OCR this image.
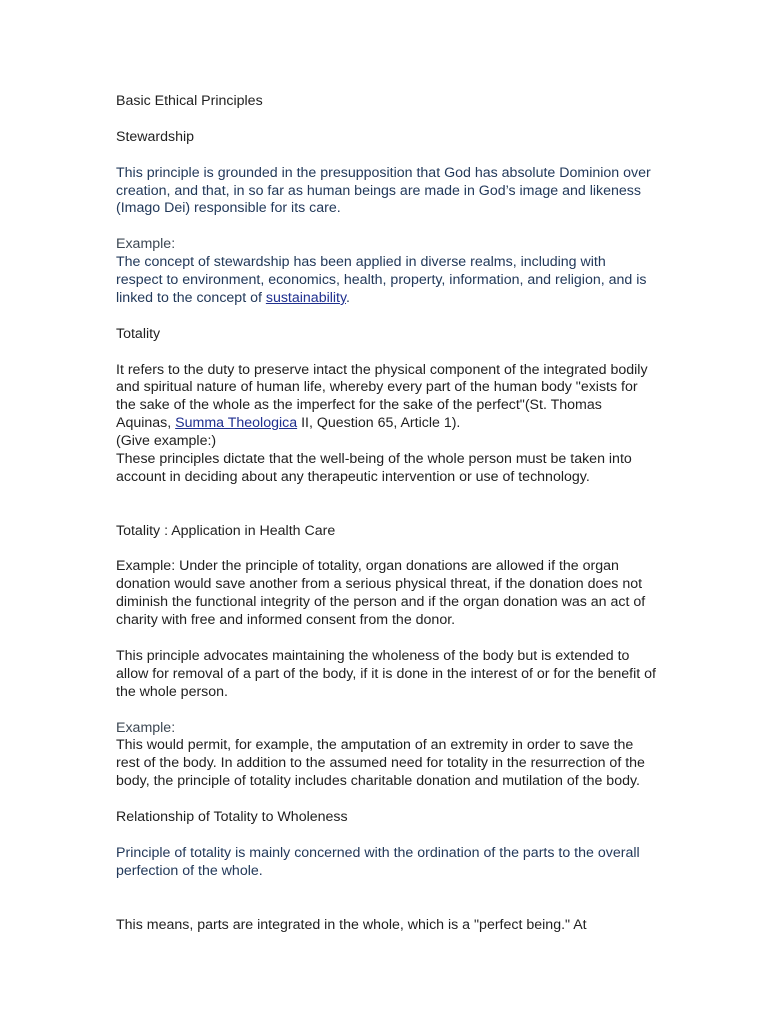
Basic Ethical Principles

Stewardship

This principle is grounded in the presupposition that God has absolute Dominion over creation, and that, in so far as human beings are made in God’s image and likeness (Imago Dei) responsible for its care.

Example:

The concept of stewardship has been applied in diverse realms, including with respect to environment, economics, health, property, information, and religion, and is linked to the concept of sustainability.

Totality

It refers to the duty to preserve intact the physical component of the integrated bodily and spiritual nature of human life, whereby every part of the human body "exists for the sake of the whole as the imperfect for the sake of the perfect"(St. Thomas Aquinas, Summa Theologica II, Question 65, Article 1).

(Give example:)

These principles dictate that the well-being of the whole person must be taken into account in deciding about any therapeutic intervention or use of technology.

Totality : Application in Health Care

Example: Under the principle of totality, organ donations are allowed if the organ donation would save another from a serious physical threat, if the donation does not diminish the functional integrity of the person and if the organ donation was an act of charity with free and informed consent from the donor.

This principle advocates maintaining the wholeness of the body but is extended to allow for removal of a part of the body, if it is done in the interest of or for the benefit of the whole person.

Example:

This would permit, for example, the amputation of an extremity in order to save the rest of the body. In addition to the assumed need for totality in the resurrection of the body, the principle of totality includes charitable donation and mutilation of the body.

Relationship of Totality to Wholeness

Principle of totality is mainly concerned with the ordination of the parts to the overall perfection of the whole.

This means, parts are integrated in the whole, which is a "perfect being." At
